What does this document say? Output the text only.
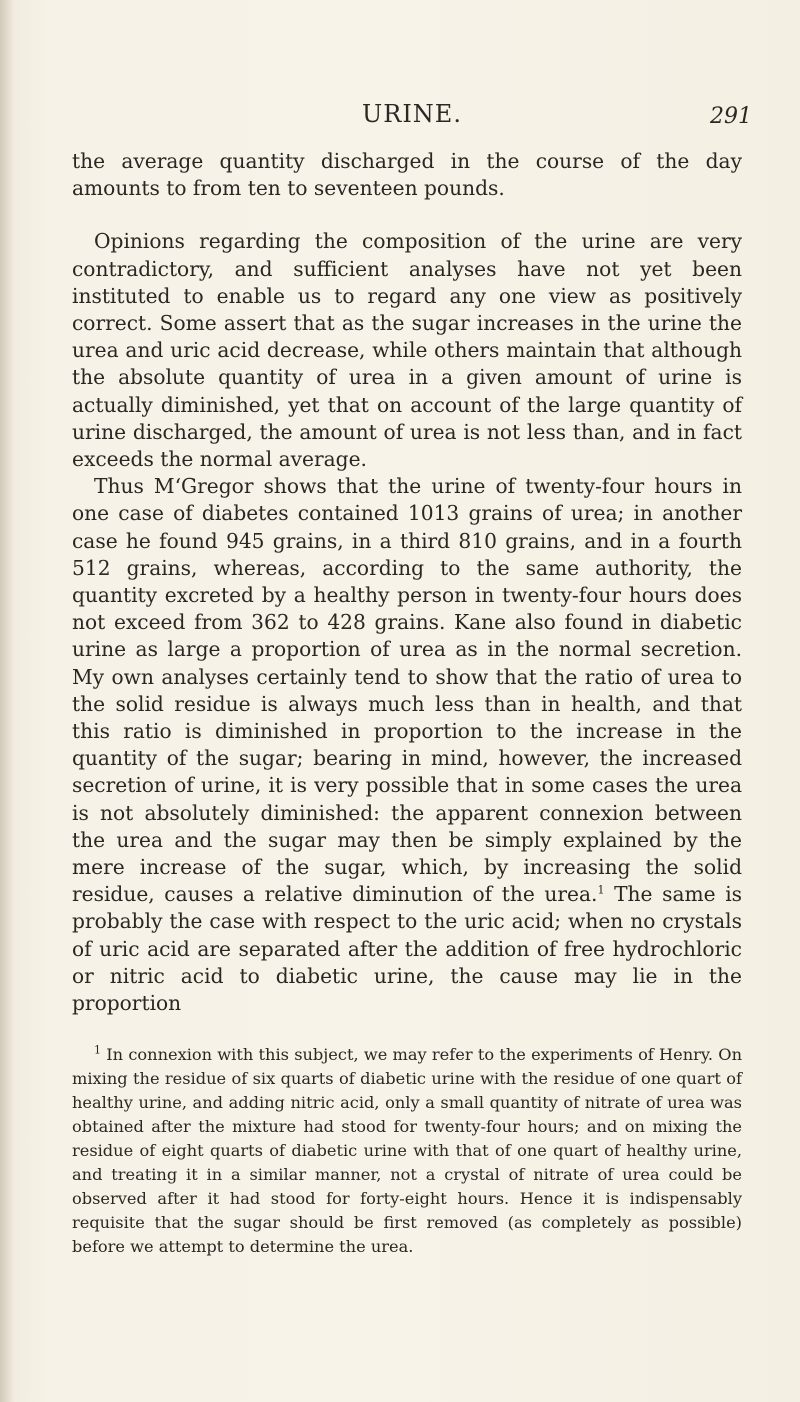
URINE.	291

the average quantity discharged in the course of the day amounts to from ten to seventeen pounds.

Opinions regarding the composition of the urine are very contradictory, and sufficient analyses have not yet been instituted to enable us to regard any one view as positively correct. Some assert that as the sugar increases in the urine the urea and uric acid decrease, while others maintain that although the absolute quantity of urea in a given amount of urine is actually diminished, yet that on account of the large quantity of urine discharged, the amount of urea is not less than, and in fact exceeds the normal average.

Thus M‘Gregor shows that the urine of twenty-four hours in one case of diabetes contained 1013 grains of urea; in another case he found 945 grains, in a third 810 grains, and in a fourth 512 grains, whereas, according to the same authority, the quantity excreted by a healthy person in twenty-four hours does not exceed from 362 to 428 grains. Kane also found in diabetic urine as large a proportion of urea as in the normal secretion. My own analyses certainly tend to show that the ratio of urea to the solid residue is always much less than in health, and that this ratio is diminished in proportion to the increase in the quantity of the sugar; bearing in mind, however, the increased secretion of urine, it is very possible that in some cases the urea is not absolutely diminished: the apparent connexion between the urea and the sugar may then be simply explained by the mere increase of the sugar, which, by increasing the solid residue, causes a relative diminution of the urea.$^1$ The same is probably the case with respect to the uric acid; when no crystals of uric acid are separated after the addition of free hydrochloric or nitric acid to diabetic urine, the cause may lie in the proportion

$^1$ In connexion with this subject, we may refer to the experiments of Henry. On mixing the residue of six quarts of diabetic urine with the residue of one quart of healthy urine, and adding nitric acid, only a small quantity of nitrate of urea was obtained after the mixture had stood for twenty-four hours; and on mixing the residue of eight quarts of diabetic urine with that of one quart of healthy urine, and treating it in a similar manner, not a crystal of nitrate of urea could be observed after it had stood for forty-eight hours. Hence it is indispensably requisite that the sugar should be first removed (as completely as possible) before we attempt to determine the urea.
